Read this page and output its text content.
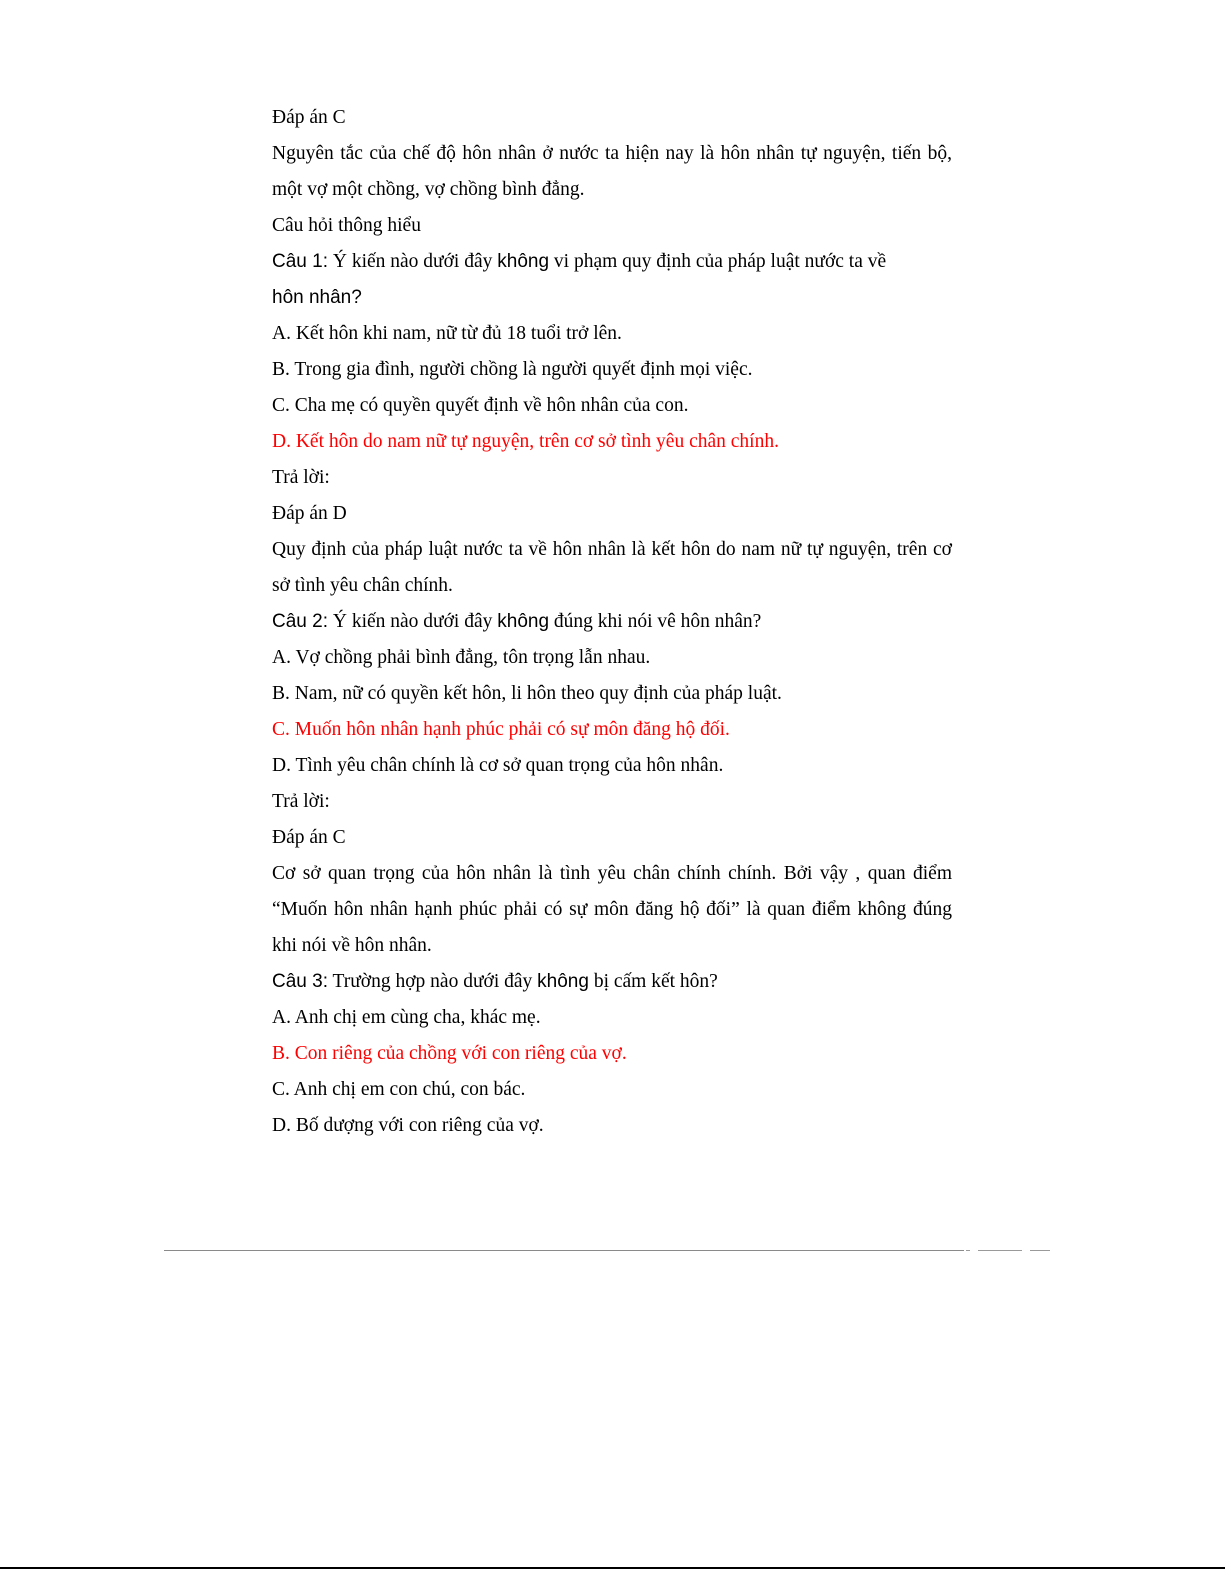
Đáp án C
Nguyên tắc của chế độ hôn nhân ở nước ta hiện nay là hôn nhân tự nguyện, tiến bộ, một vợ một chồng, vợ chồng bình đẳng.
Câu hỏi thông hiểu
Câu 1: Ý kiến nào dưới đây không vi phạm quy định của pháp luật nước ta về
hôn nhân?
A. Kết hôn khi nam, nữ từ đủ 18 tuổi trở lên.
B. Trong gia đình, người chồng là người quyết định mọi việc.
C. Cha mẹ có quyền quyết định về hôn nhân của con.
D. Kết hôn do nam nữ tự nguyện, trên cơ sở tình yêu chân chính.
Trả lời:
Đáp án D
Quy định của pháp luật nước ta về hôn nhân là kết hôn do nam nữ tự nguyện, trên cơ sở tình yêu chân chính.
Câu 2: Ý kiến nào dưới đây không đúng khi nói vê hôn nhân?
A. Vợ chồng phải bình đẳng, tôn trọng lẫn nhau.
B. Nam, nữ có quyền kết hôn, li hôn theo quy định của pháp luật.
C. Muốn hôn nhân hạnh phúc phải có sự môn đăng hộ đối.
D. Tình yêu chân chính là cơ sở quan trọng của hôn nhân.
Trả lời:
Đáp án C
Cơ sở quan trọng của hôn nhân là tình yêu chân chính chính. Bởi vậy , quan điểm “Muốn hôn nhân hạnh phúc phải có sự môn đăng hộ đối” là quan điểm không đúng khi nói về hôn nhân.
Câu 3: Trường hợp nào dưới đây không bị cấm kết hôn?
A. Anh chị em cùng cha, khác mẹ.
B. Con riêng của chồng với con riêng của vợ.
C. Anh chị em con chú, con bác.
D. Bố dượng với con riêng của vợ.
